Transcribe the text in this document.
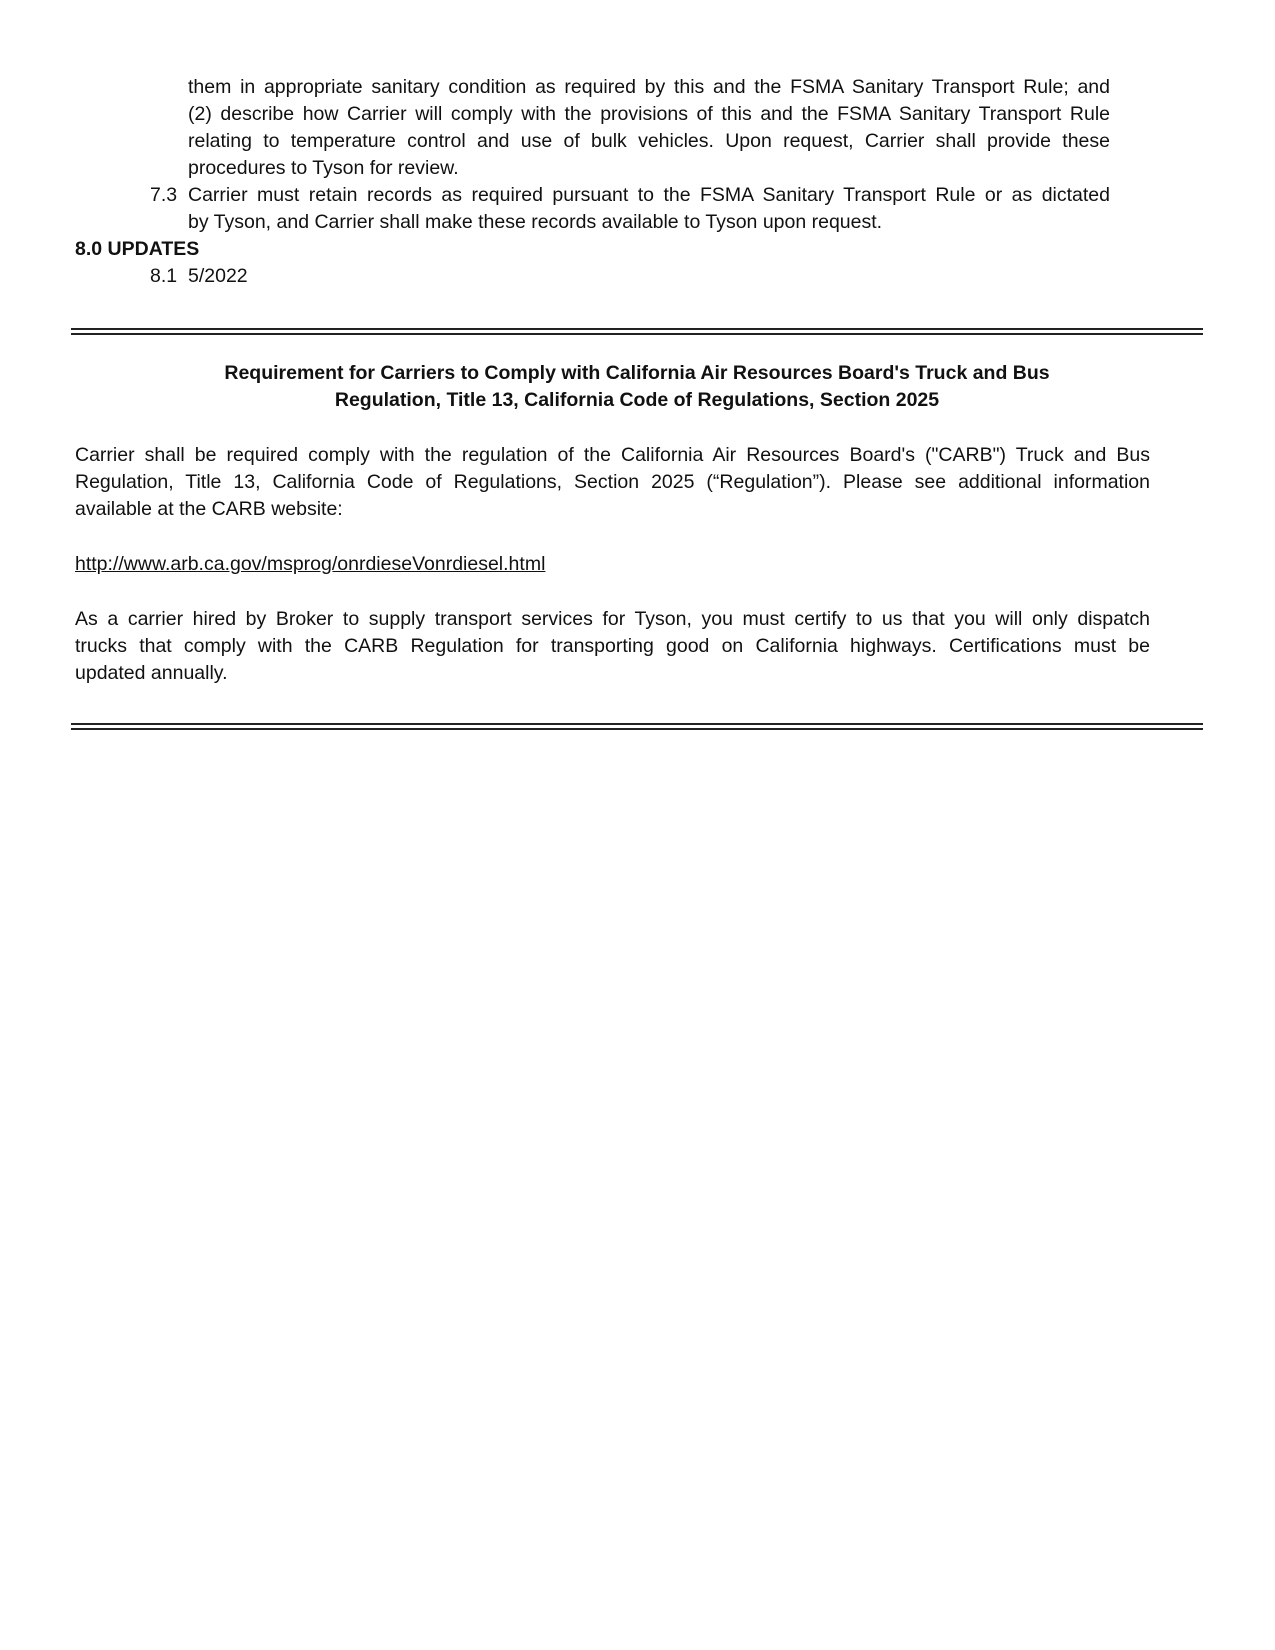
them in appropriate sanitary condition as required by this and the FSMA Sanitary Transport Rule; and
(2) describe how Carrier will comply with the provisions of this and the FSMA Sanitary Transport Rule
relating to temperature control and use of bulk vehicles. Upon request, Carrier shall provide these
procedures to Tyson for review.
7.3 Carrier must retain records as required pursuant to the FSMA Sanitary Transport Rule or as dictated
by Tyson, and Carrier shall make these records available to Tyson upon request.
8.0 UPDATES
8.1 5/2022
Requirement for Carriers to Comply with California Air Resources Board's Truck and Bus
Regulation, Title 13, California Code of Regulations, Section 2025
Carrier shall be required comply with the regulation of the California Air Resources Board's ("CARB") Truck and Bus
Regulation, Title 13, California Code of Regulations, Section 2025 (“Regulation”). Please see additional information
available at the CARB website:
http://www.arb.ca.gov/msprog/onrdieseVonrdiesel.html
As a carrier hired by Broker to supply transport services for Tyson, you must certify to us that you will only dispatch
trucks that comply with the CARB Regulation for transporting good on California highways. Certifications must be
updated annually.
